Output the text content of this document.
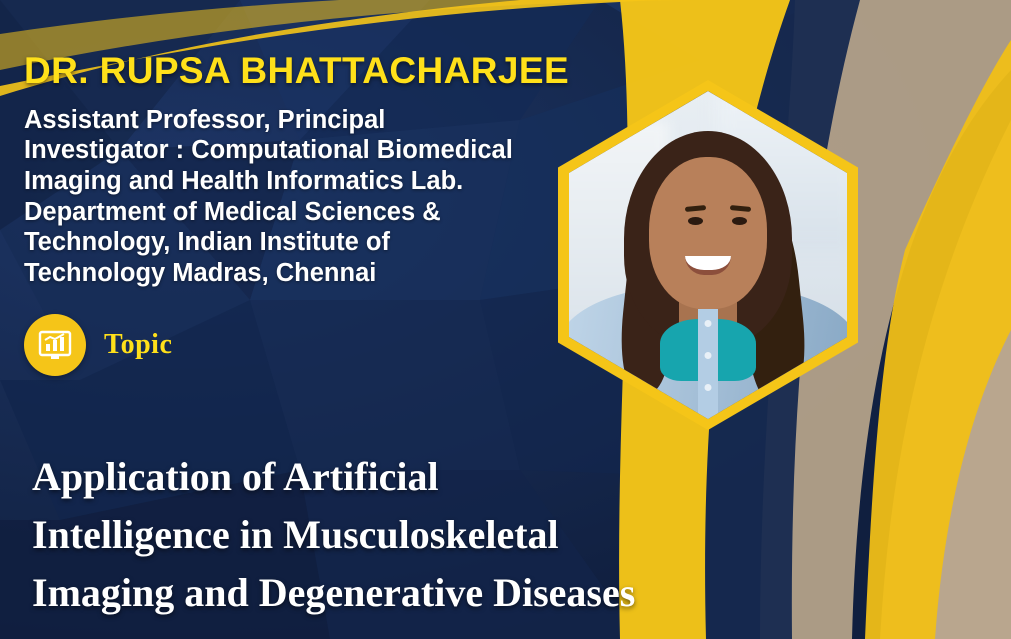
DR. RUPSA BHATTACHARJEE
Assistant Professor, Principal Investigator : Computational Biomedical Imaging and Health Informatics Lab. Department of Medical Sciences & Technology, Indian Institute of Technology Madras, Chennai
Topic
Application of Artificial
Intelligence in Musculoskeletal
Imaging and Degenerative Diseases
